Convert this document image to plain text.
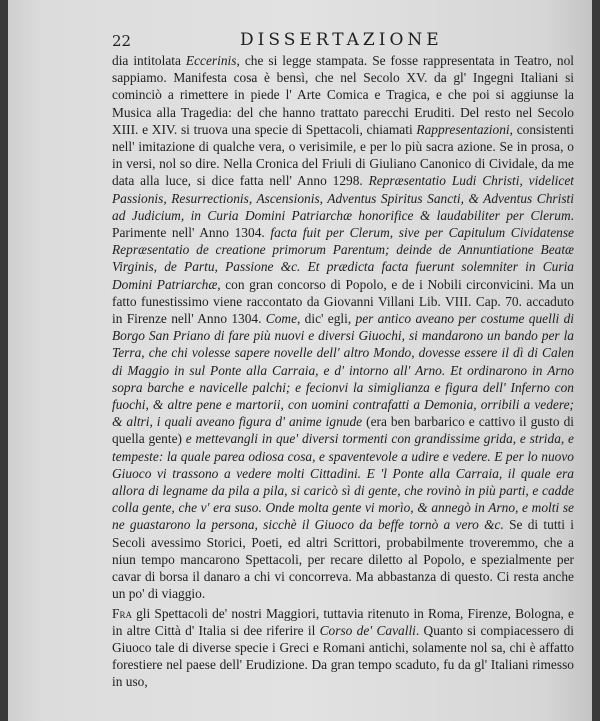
22	DISSERTAZIONE

dia intitolata Eccerinis, che si legge stampata. Se fosse rappresentata in Teatro, nol sappiamo. Manifesta cosa è bensì, che nel Secolo XV. da gl' Ingegni Italiani si cominciò a rimettere in piede l' Arte Comica e Tragica, e che poi si aggiunse la Musica alla Tragedia: del che hanno trattato parecchi Eruditi. Del resto nel Secolo XIII. e XIV. si truova una specie di Spettacoli, chiamati Rappresentazioni, consistenti nell' imitazione di qualche vera, o verisimile, e per lo più sacra azione. Se in prosa, o in versi, nol so dire. Nella Cronica del Friuli di Giuliano Canonico di Cividale, da me data alla luce, si dice fatta nell' Anno 1298. Repræsentatio Ludi Christi, videlicet Passionis, Resurrectionis, Ascensionis, Adventus Spiritus Sancti, & Adventus Christi ad Judicium, in Curia Domini Patriarchæ honorifice & laudabiliter per Clerum. Parimente nell' Anno 1304. facta fuit per Clerum, sive per Capitulum Cividatense Repræsentatio de creatione primorum Parentum; deinde de Annuntiatione Beatæ Virginis, de Partu, Passione &c. Et prædicta facta fuerunt solemniter in Curia Domini Patriarchæ, con gran concorso di Popolo, e de i Nobili circonvicini. Ma un fatto funestissimo viene raccontato da Giovanni Villani Lib. VIII. Cap. 70. accaduto in Firenze nell' Anno 1304. Come, dic' egli, per antico aveano per costume quelli di Borgo San Priano di fare più nuovi e diversi Giuochi, si mandarono un bando per la Terra, che chi volesse sapere novelle dell' altro Mondo, dovesse essere il dì di Calen di Maggio in sul Ponte alla Carraia, e d' intorno all' Arno. Et ordinarono in Arno sopra barche e navicelle palchi; e fecionvi la simiglianza e figura dell' Inferno con fuochi, & altre pene e martorii, con uomini contrafatti a Demonia, orribili a vedere; & altri, i quali aveano figura d' anime ignude (era ben barbarico e cattivo il gusto di quella gente) e mettevangli in que' diversi tormenti con grandissime grida, e strida, e tempeste: la quale parea odiosa cosa, e spaventevole a udire e vedere. E per lo nuovo Giuoco vi trassono a vedere molti Cittadini. E 'l Ponte alla Carraia, il quale era allora di legname da pila a pila, si caricò sì di gente, che rovinò in più parti, e cadde colla gente, che v' era suso. Onde molta gente vi morìo, & annegò in Arno, e molti se ne guastarono la persona, sicchè il Giuoco da beffe tornò a vero &c. Se di tutti i Secoli avessimo Storici, Poeti, ed altri Scrittori, probabilmente troveremmo, che a niun tempo mancarono Spettacoli, per recare diletto al Popolo, e spezialmente per cavar di borsa il danaro a chi vi concorreva. Ma abbastanza di questo. Ci resta anche un po' di viaggio.

Fra gli Spettacoli de' nostri Maggiori, tuttavia ritenuto in Roma, Firenze, Bologna, e in altre Città d' Italia si dee riferire il Corso de' Cavalli. Quanto si compiacessero di Giuoco tale di diverse specie i Greci e Romani antichi, solamente nol sa, chi è affatto forestiere nel paese dell' Erudizione. Da gran tempo scaduto, fu da gl' Italiani rimesso in uso,
